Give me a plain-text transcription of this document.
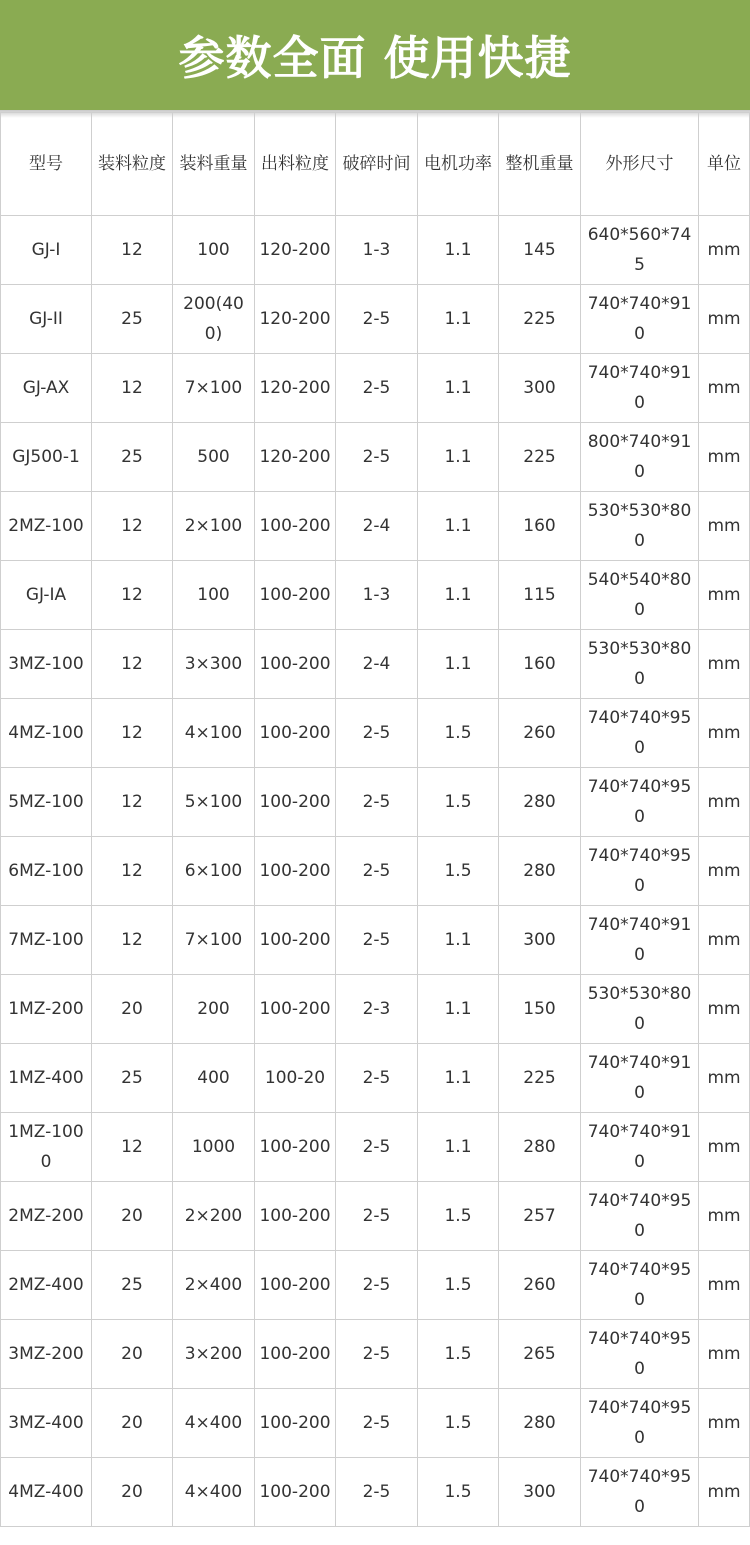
参数全面 使用快捷
型号	装料粒度	装料重量	出料粒度	破碎时间	电机功率	整机重量	外形尺寸	单位
GJ-I	12	100	120-200	1-3	1.1	145	640*560*745	mm
GJ-II	25	200(400)	120-200	2-5	1.1	225	740*740*910	mm
GJ-AX	12	7×100	120-200	2-5	1.1	300	740*740*910	mm
GJ500-1	25	500	120-200	2-5	1.1	225	800*740*910	mm
2MZ-100	12	2×100	100-200	2-4	1.1	160	530*530*800	mm
GJ-IA	12	100	100-200	1-3	1.1	115	540*540*800	mm
3MZ-100	12	3×300	100-200	2-4	1.1	160	530*530*800	mm
4MZ-100	12	4×100	100-200	2-5	1.5	260	740*740*950	mm
5MZ-100	12	5×100	100-200	2-5	1.5	280	740*740*950	mm
6MZ-100	12	6×100	100-200	2-5	1.5	280	740*740*950	mm
7MZ-100	12	7×100	100-200	2-5	1.1	300	740*740*910	mm
1MZ-200	20	200	100-200	2-3	1.1	150	530*530*800	mm
1MZ-400	25	400	100-20	2-5	1.1	225	740*740*910	mm
1MZ-1000	12	1000	100-200	2-5	1.1	280	740*740*910	mm
2MZ-200	20	2×200	100-200	2-5	1.5	257	740*740*950	mm
2MZ-400	25	2×400	100-200	2-5	1.5	260	740*740*950	mm
3MZ-200	20	3×200	100-200	2-5	1.5	265	740*740*950	mm
3MZ-400	20	4×400	100-200	2-5	1.5	280	740*740*950	mm
4MZ-400	20	4×400	100-200	2-5	1.5	300	740*740*950	mm
